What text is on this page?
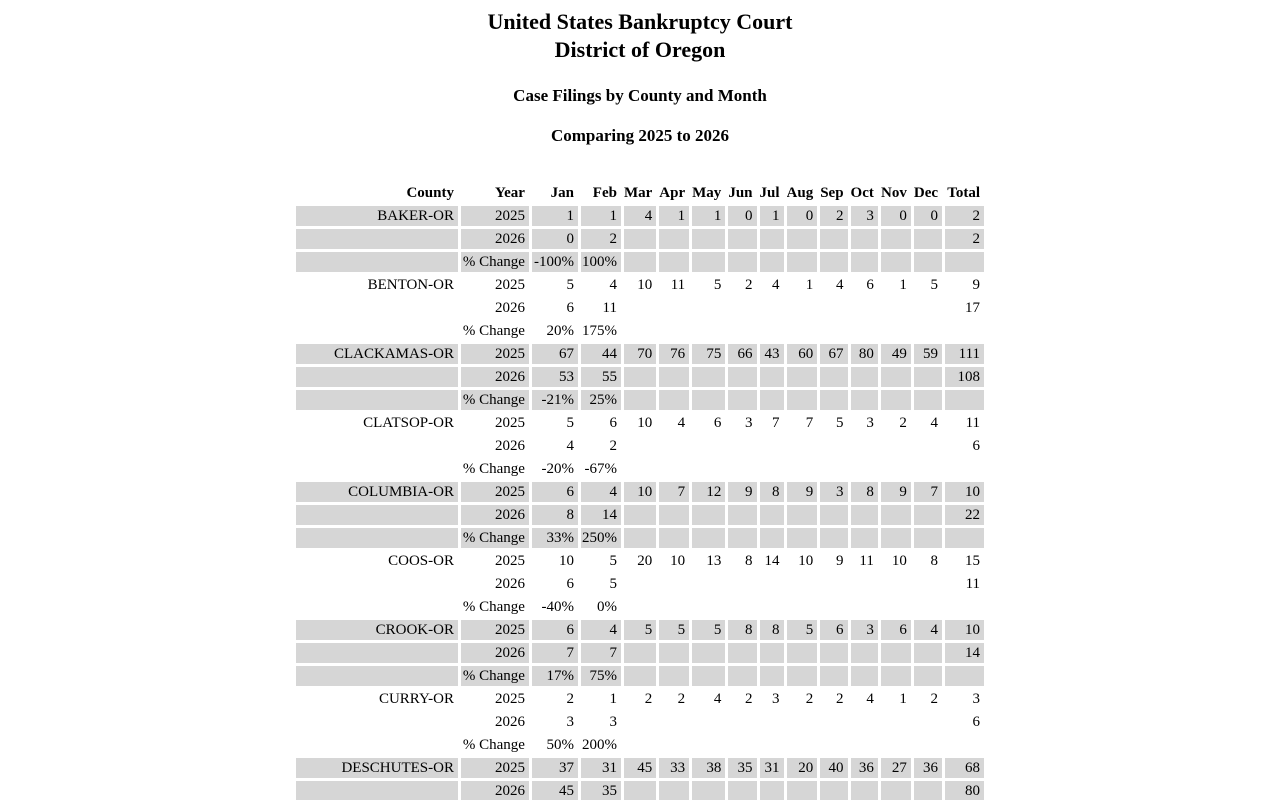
United States Bankruptcy Court
District of Oregon
Case Filings by County and Month
Comparing 2025 to 2026
County	Year	Jan	Feb	Mar	Apr	May	Jun	Jul	Aug	Sep	Oct	Nov	Dec	Total
BAKER-OR	2025	1	1	4	1	1	0	1	0	2	3	0	0	2
	2026	0	2											2
	% Change	-100%	100%											
BENTON-OR	2025	5	4	10	11	5	2	4	1	4	6	1	5	9
	2026	6	11											17
	% Change	20%	175%											
CLACKAMAS-OR	2025	67	44	70	76	75	66	43	60	67	80	49	59	111
	2026	53	55											108
	% Change	-21%	25%											
CLATSOP-OR	2025	5	6	10	4	6	3	7	7	5	3	2	4	11
	2026	4	2											6
	% Change	-20%	-67%											
COLUMBIA-OR	2025	6	4	10	7	12	9	8	9	3	8	9	7	10
	2026	8	14											22
	% Change	33%	250%											
COOS-OR	2025	10	5	20	10	13	8	14	10	9	11	10	8	15
	2026	6	5											11
	% Change	-40%	0%											
CROOK-OR	2025	6	4	5	5	5	8	8	5	6	3	6	4	10
	2026	7	7											14
	% Change	17%	75%											
CURRY-OR	2025	2	1	2	2	4	2	3	2	2	4	1	2	3
	2026	3	3											6
	% Change	50%	200%											
DESCHUTES-OR	2025	37	31	45	33	38	35	31	20	40	36	27	36	68
	2026	45	35											80
